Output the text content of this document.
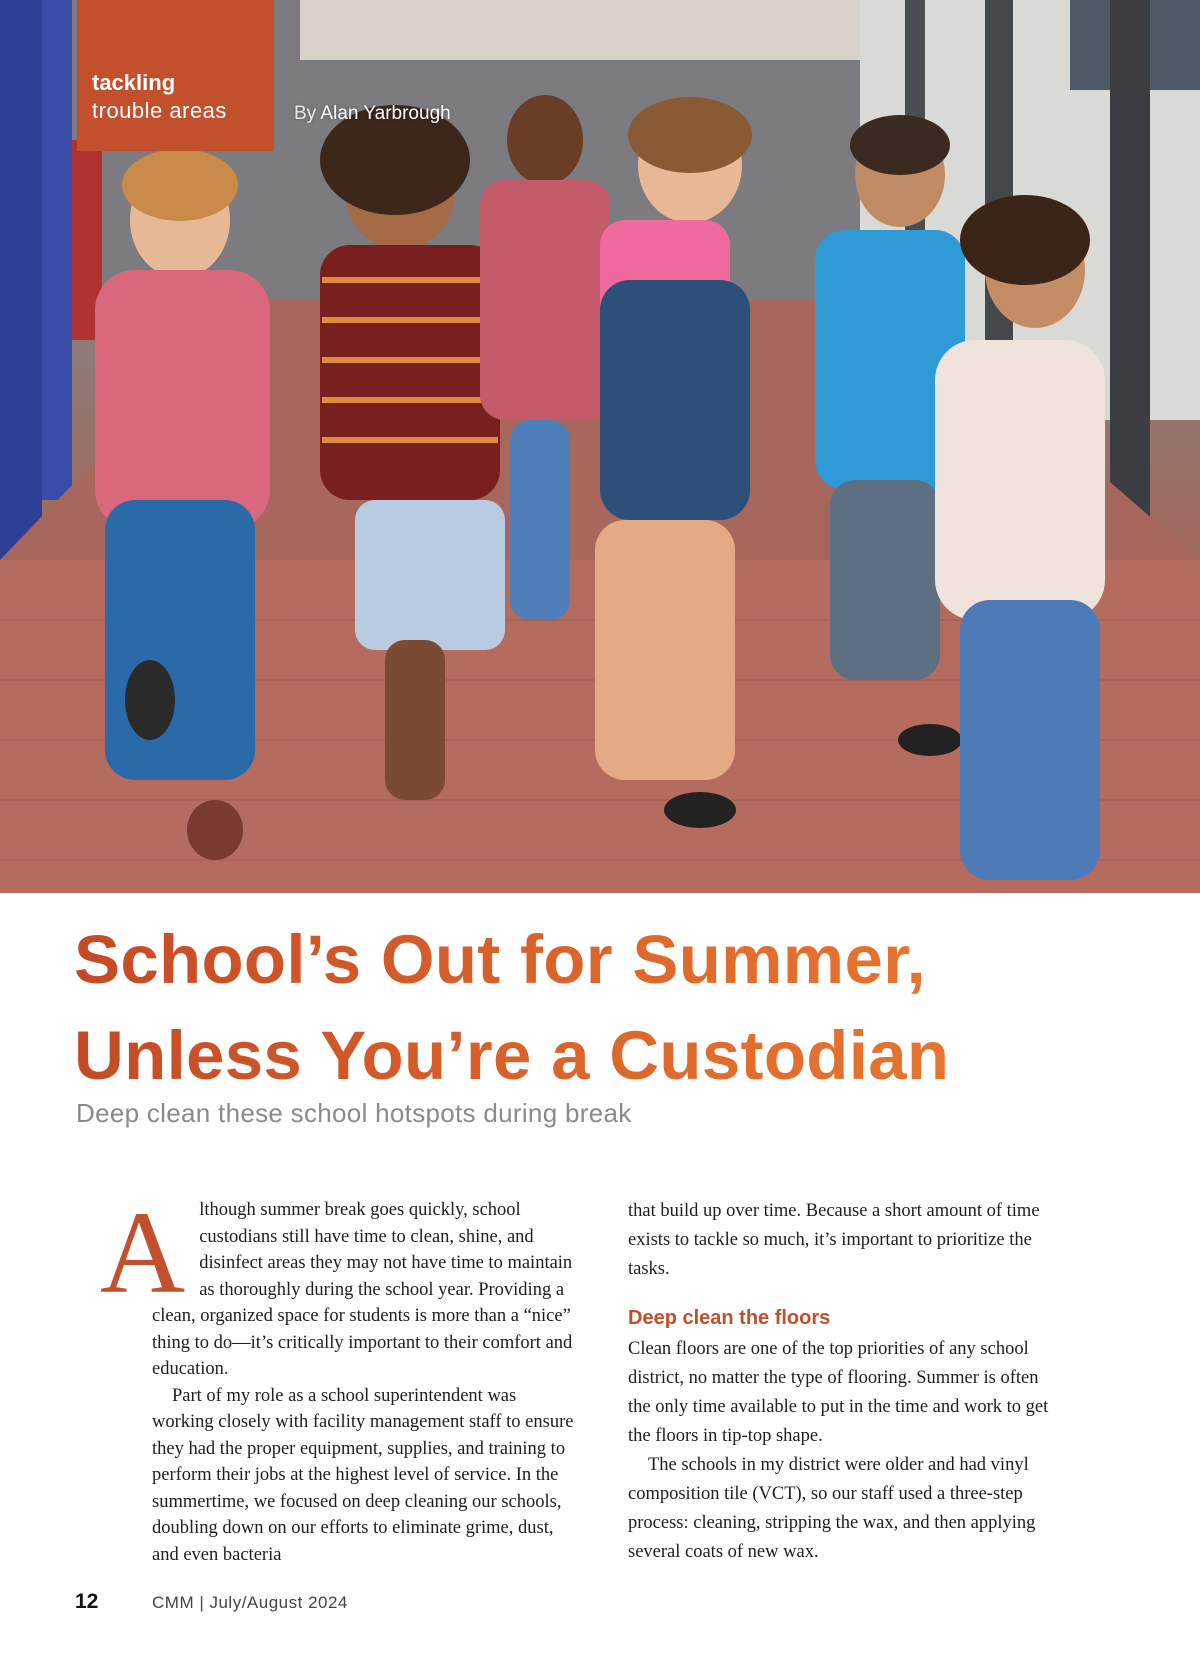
tackling
trouble areas	By Alan Yarbrough
School’s Out for Summer,
Unless You’re a Custodian
Deep clean these school hotspots during break

Although summer break goes quickly, school custodians still have time to clean, shine, and disinfect areas they may not have time to maintain as thoroughly during the school year. Providing a clean, organized space for students is more than a “nice” thing to do—it’s critically important to their comfort and education.

Part of my role as a school superintendent was working closely with facility management staff to ensure they had the proper equipment, supplies, and training to perform their jobs at the highest level of service. In the summertime, we focused on deep cleaning our schools, doubling down on our efforts to eliminate grime, dust, and even bacteria

that build up over time. Because a short amount of time exists to tackle so much, it’s important to prioritize the tasks.

Deep clean the floors

Clean floors are one of the top priorities of any school district, no matter the type of flooring. Summer is often the only time available to put in the time and work to get the floors in tip-top shape.

The schools in my district were older and had vinyl composition tile (VCT), so our staff used a three-step process: cleaning, stripping the wax, and then applying several coats of new wax.

12	CMM | July/August 2024
